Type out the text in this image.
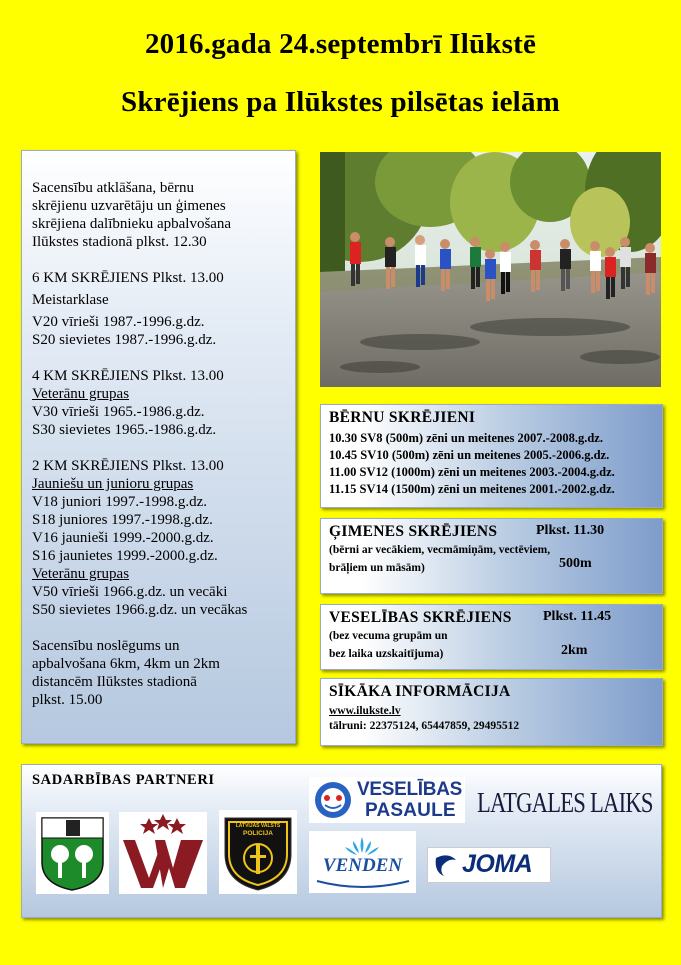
2016.gada 24.septembrī Ilūkstē
Skrējiens pa Ilūkstes pilsētas ielām

Sacensību atklāšana, bērnu

skrējienu uzvarētāju un ģimenes

skrējiena dalībnieku apbalvošana

Ilūkstes stadionā plkst. 12.30

6 KM SKRĒJIENS Plkst. 13.00

Meistarklase

V20 vīrieši 1987.-1996.g.dz.

S20 sievietes 1987.-1996.g.dz.

4 KM SKRĒJIENS Plkst. 13.00

Veterānu grupas

V30 vīrieši 1965.-1986.g.dz.

S30 sievietes 1965.-1986.g.dz.

2 KM SKRĒJIENS Plkst. 13.00

Jauniešu un junioru grupas

V18 juniori 1997.-1998.g.dz.

S18 juniores 1997.-1998.g.dz.

V16 jaunieši 1999.-2000.g.dz.

S16 jaunietes 1999.-2000.g.dz.

Veterānu grupas

V50 vīrieši 1966.g.dz. un vecāki

S50 sievietes 1966.g.dz. un vecākas

Sacensību noslēgums un

apbalvošana 6km, 4km un 2km

distancēm Ilūkstes stadionā

plkst. 15.00

BĒRNU SKRĒJIENI
10.30 SV8 (500m) zēni un meitenes 2007.-2008.g.dz.
10.45 SV10 (500m) zēni un meitenes 2005.-2006.g.dz.
11.00 SV12 (1000m) zēni un meitenes 2003.-2004.g.dz.
11.15 SV14 (1500m) zēni un meitenes 2001.-2002.g.dz.
ĢIMENES SKRĒJIENS	Plkst. 11.30
(bērni ar vecākiem, vecmāmiņām, vectēviem,
brāļiem un māsām)	500m
VESELĪBAS SKRĒJIENS Plkst. 11.45
(bez vecuma grupām un
bez laika uzskaitījuma)	2km
SĪKĀKA INFORMĀCIJA
www.ilukste.lv
tālruni: 22375124, 65447859, 29495512
SADARBĪBAS PARTNERI
LATVIJAS VALSTS
POLICIJA
VESELĪBAS
PASAULE LATGALES LAIKS
VENDEN	JOMA
